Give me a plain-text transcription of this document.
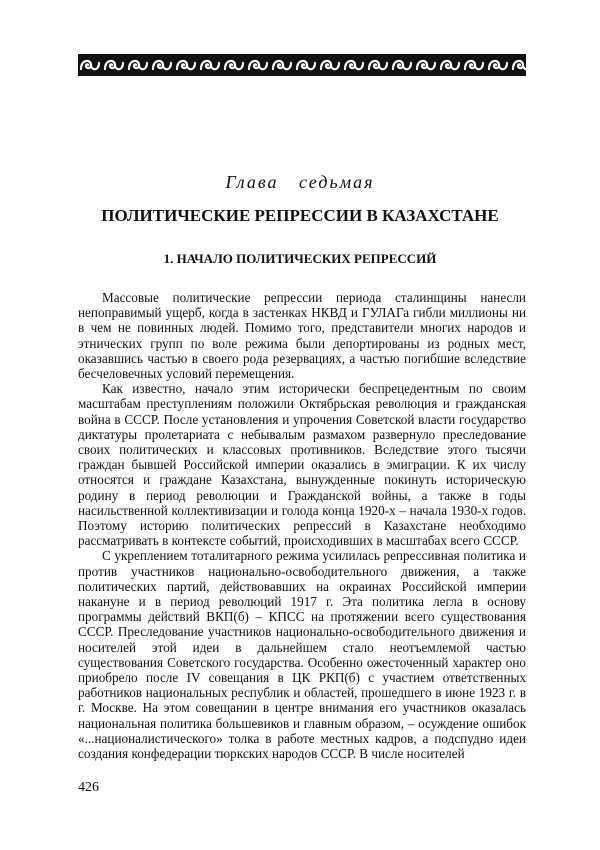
Глава седьмая
ПОЛИТИЧЕСКИЕ РЕПРЕССИИ В КАЗАХСТАНЕ
1. НАЧАЛО ПОЛИТИЧЕСКИХ РЕПРЕССИЙ

Массовые политические репрессии периода сталинщины нанесли непоправимый ущерб, когда в застенках НКВД и ГУЛАГа гибли миллионы ни в чем не повинных людей. Помимо того, представители многих народов и этнических групп по воле режима были депортированы из родных мест, оказавшись частью в своего рода резервациях, а частью погибшие вследствие бесчеловечных условий перемещения.

Как известно, начало этим исторически беспрецедентным по своим масштабам преступлениям положили Октябрьская революция и гражданская война в СССР. После установления и упрочения Советской власти государство диктатуры пролетариата с небывалым размахом развернуло преследование своих политических и классовых противников. Вследствие этого тысячи граждан бывшей Российской империи оказались в эмиграции. К их числу относятся и граждане Казахстана, вынужденные покинуть историческую родину в период революции и Гражданской войны, а также в годы насильственной коллективизации и голода конца 1920-х – начала 1930-х годов. Поэтому историю политических репрессий в Казахстане необходимо рассматривать в контексте событий, происходивших в масштабах всего СССР.

С укреплением тоталитарного режима усилилась репрессивная политика и против участников национально-освободительного движения, а также политических партий, действовавших на окраинах Российской империи накануне и в период революций 1917 г. Эта политика легла в основу программы действий ВКП(б) – КПСС на протяжении всего существования СССР. Преследование участников национально-освободительного движения и носителей этой идеи в дальнейшем стало неотъемлемой частью существования Советского государства. Особенно ожесточенный характер оно приобрело после IV совещания в ЦК РКП(б) с участием ответственных работников национальных республик и областей, прошедшего в июне 1923 г. в г. Москве. На этом совещании в центре внимания его участников оказалась национальная политика большевиков и главным образом, – осуждение ошибок «...националистического» толка в работе местных кадров, а подспудно идеи создания конфедерации тюркских народов СССР. В числе носителей

426
